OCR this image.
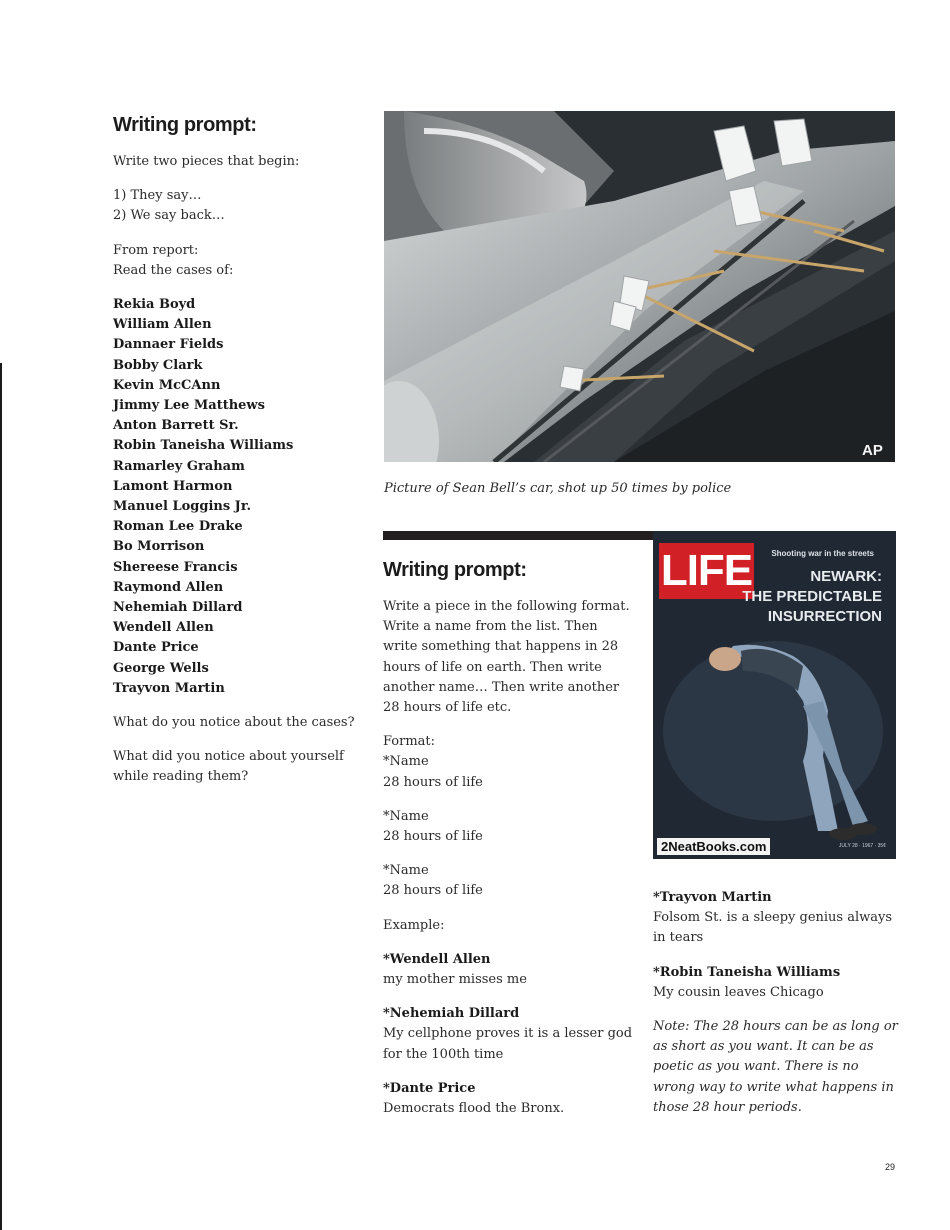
Writing prompt:

Write two pieces that begin:

1) They say…
2) We say back…
From report:
Read the cases of:
Rekia Boyd
William Allen
Dannaer Fields
Bobby Clark
Kevin McCAnn
Jimmy Lee Matthews
Anton Barrett Sr.
Robin Taneisha Williams
Ramarley Graham
Lamont Harmon
Manuel Loggins Jr.
Roman Lee Drake
Bo Morrison
Shereese Francis
Raymond Allen
Nehemiah Dillard
Wendell Allen
Dante Price
George Wells
Trayvon Martin

What do you notice about the cases?

What did you notice about yourself while reading them?

AP
Picture of Sean Bell’s car, shot up 50 times by police
Writing prompt:

Write a piece in the following format. Write a name from the list. Then write something that happens in 28 hours of life on earth. Then write another name… Then write another 28 hours of life etc.

Format:
*Name
28 hours of life
*Name
28 hours of life
*Name
28 hours of life

Example:

*Wendell Allen
my mother misses me
*Nehemiah Dillard
My cellphone proves it is a lesser god for the 100th time
*Dante Price
Democrats flood the Bronx.
LIFE Shooting war in the streets
NEWARK:
THE PREDICTABLE
INSURRECTION
2NeatBooks.com	JULY 28 · 1967 · 35¢
*Trayvon Martin
Folsom St. is a sleepy genius always in tears
*Robin Taneisha Williams
My cousin leaves Chicago

Note: The 28 hours can be as long or as short as you want. It can be as poetic as you want. There is no wrong way to write what happens in those 28 hour periods.

29
